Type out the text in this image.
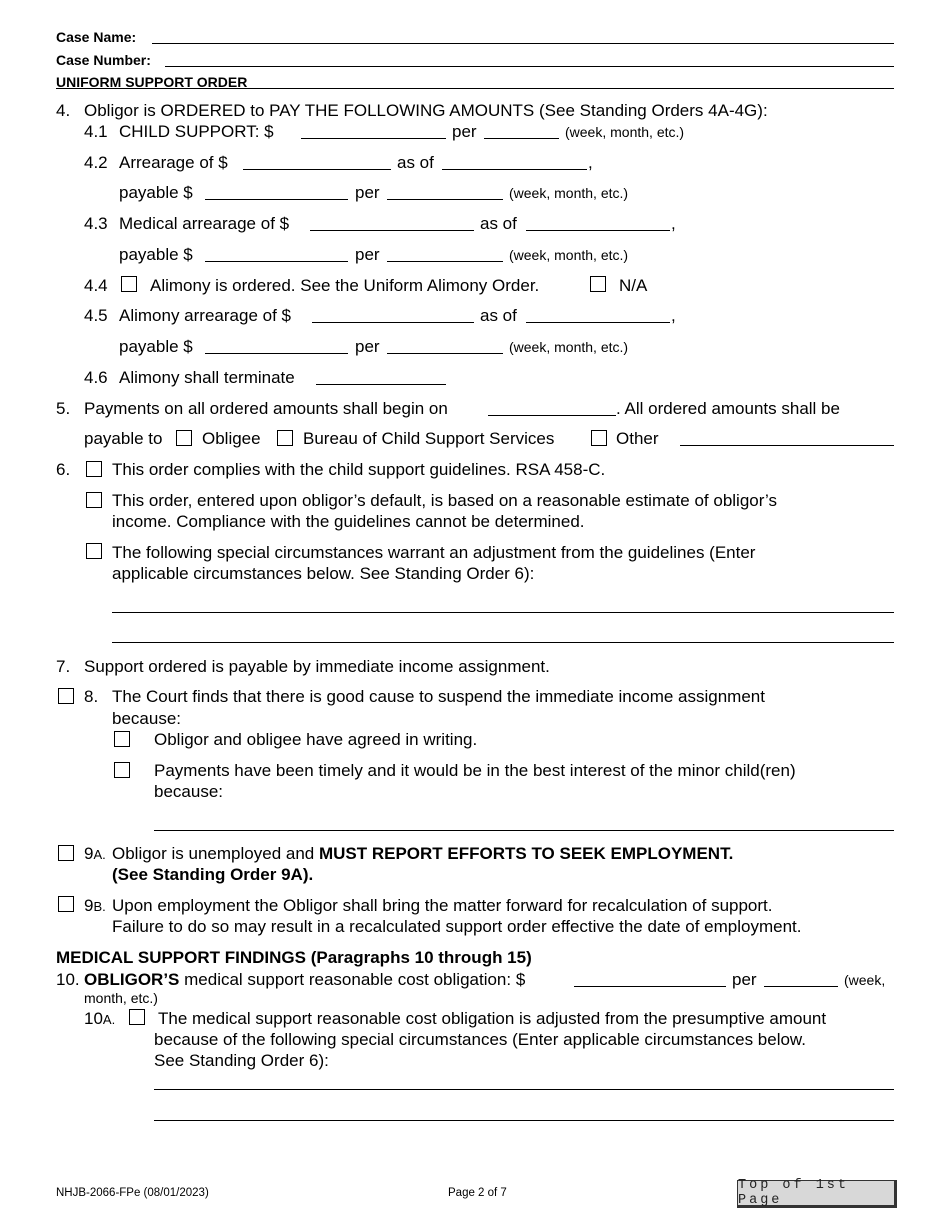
Case Name:
Case Number:
UNIFORM SUPPORT ORDER
4. Obligor is ORDERED to PAY THE FOLLOWING AMOUNTS (See Standing Orders 4A-4G):
4.1 CHILD SUPPORT: $	per	(week, month, etc.)
4.2 Arrearage of $	as of	,
payable $	per	(week, month, etc.)
4.3 Medical arrearage of $	as of	,
payable $	per	(week, month, etc.)
4.4 Alimony is ordered. See the Uniform Alimony Order.	N/A
4.5 Alimony arrearage of $	as of	,
payable $	per	(week, month, etc.)
4.6 Alimony shall terminate
5. Payments on all ordered amounts shall begin on	. All ordered amounts shall be
payable to Obligee Bureau of Child Support Services	Other
6. This order complies with the child support guidelines. RSA 458-C.
This order, entered upon obligor’s default, is based on a reasonable estimate of obligor’s
income. Compliance with the guidelines cannot be determined.
The following special circumstances warrant an adjustment from the guidelines (Enter
applicable circumstances below. See Standing Order 6):
7. Support ordered is payable by immediate income assignment.
8. The Court finds that there is good cause to suspend the immediate income assignment
because:
Obligor and obligee have agreed in writing.
Payments have been timely and it would be in the best interest of the minor child(ren)
because:
9A. Obligor is unemployed and MUST REPORT EFFORTS TO SEEK EMPLOYMENT.
(See Standing Order 9A).
9B. Upon employment the Obligor shall bring the matter forward for recalculation of support.
Failure to do so may result in a recalculated support order effective the date of employment.
MEDICAL SUPPORT FINDINGS (Paragraphs 10 through 15)
10. OBLIGOR’S medical support reasonable cost obligation: $	per	(week,
month, etc.)
10A.	The medical support reasonable cost obligation is adjusted from the presumptive amount
because of the following special circumstances (Enter applicable circumstances below.
See Standing Order 6):
NHJB-2066-FPe (08/01/2023)	Page 2 of 7	Top of 1st Page
